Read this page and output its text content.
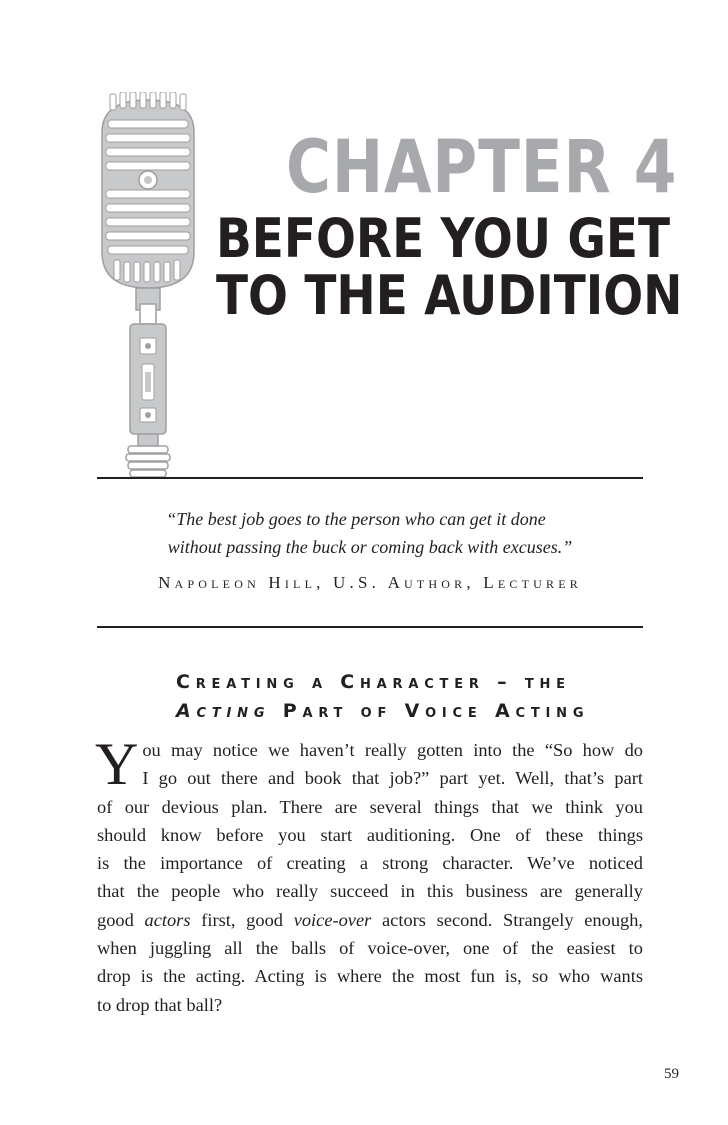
CHAPTER 4
BEFORE YOU GET
TO THE AUDITION
“The best job goes to the person who can get it done
without passing the buck or coming back with excuses.”
Napoleon Hill, U.S. Author, Lecturer
Creating a Character – the
Acting Part of Voice Acting
Y ou may notice we haven’t really gotten into the “So how do
I go out there and book that job?” part yet. Well, that’s part
of our devious plan. There are several things that we think you
should know before you start auditioning. One of these things
is the importance of creating a strong character. We’ve noticed
that the people who really succeed in this business are generally
good actors first, good voice-over actors second. Strangely enough,
when juggling all the balls of voice-over, one of the easiest to
drop is the acting. Acting is where the most fun is, so who wants
to drop that ball?
59
